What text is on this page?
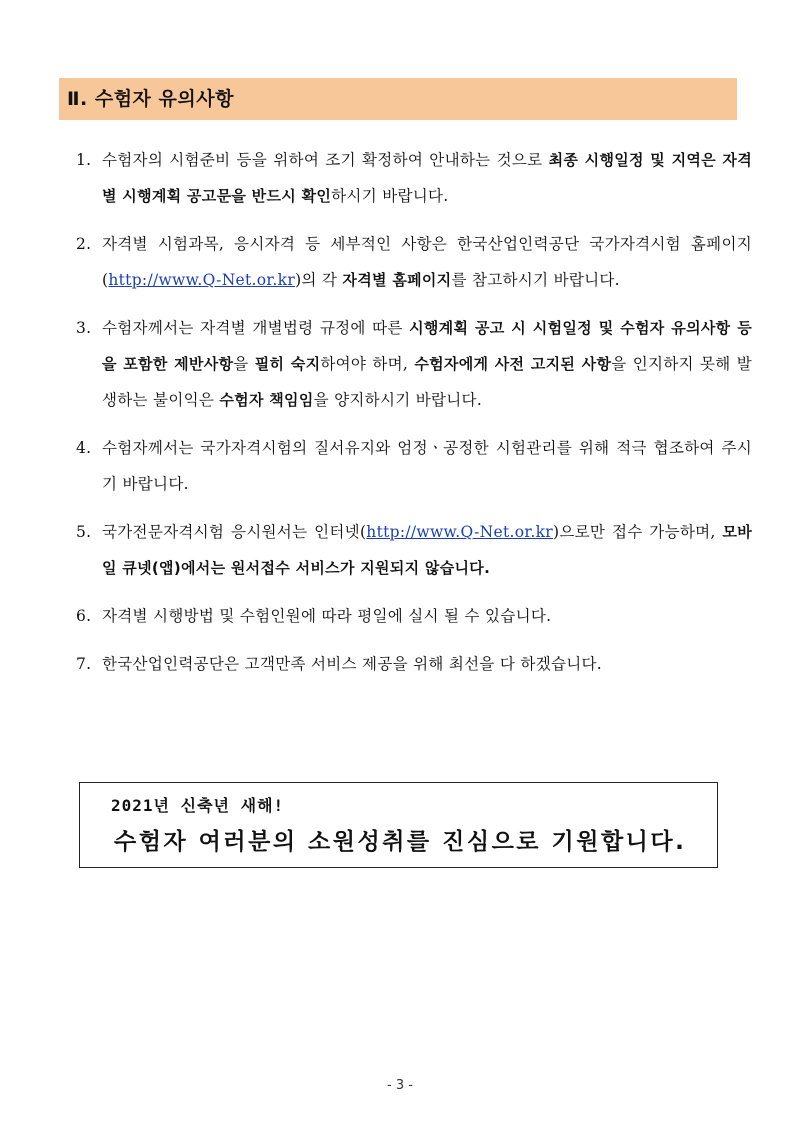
Ⅱ. 수험자 유의사항
1. 수험자의 시험준비 등을 위하여 조기 확정하여 안내하는 것으로 최종 시행일정 및 지역은 자격별 시행계획 공고문을 반드시 확인하시기 바랍니다.
2. 자격별 시험과목, 응시자격 등 세부적인 사항은 한국산업인력공단 국가자격시험 홈페이지(http://www.Q-Net.or.kr)의 각 자격별 홈페이지를 참고하시기 바랍니다.
3. 수험자께서는 자격별 개별법령 규정에 따른 시행계획 공고 시 시험일정 및 수험자 유의사항 등을 포함한 제반사항을 필히 숙지하여야 하며, 수험자에게 사전 고지된 사항을 인지하지 못해 발생하는 불이익은 수험자 책임임을 양지하시기 바랍니다.
4. 수험자께서는 국가자격시험의 질서유지와 엄정ㆍ공정한 시험관리를 위해 적극 협조하여 주시기 바랍니다.
5. 국가전문자격시험 응시원서는 인터넷(http://www.Q-Net.or.kr)으로만 접수 가능하며, 모바일 큐넷(앱)에서는 원서접수 서비스가 지원되지 않습니다.
6. 자격별 시행방법 및 수험인원에 따라 평일에 실시 될 수 있습니다.
7. 한국산업인력공단은 고객만족 서비스 제공을 위해 최선을 다 하겠습니다.
2021년 신축년 새해!
수험자 여러분의 소원성취를 진심으로 기원합니다.
- 3 -
